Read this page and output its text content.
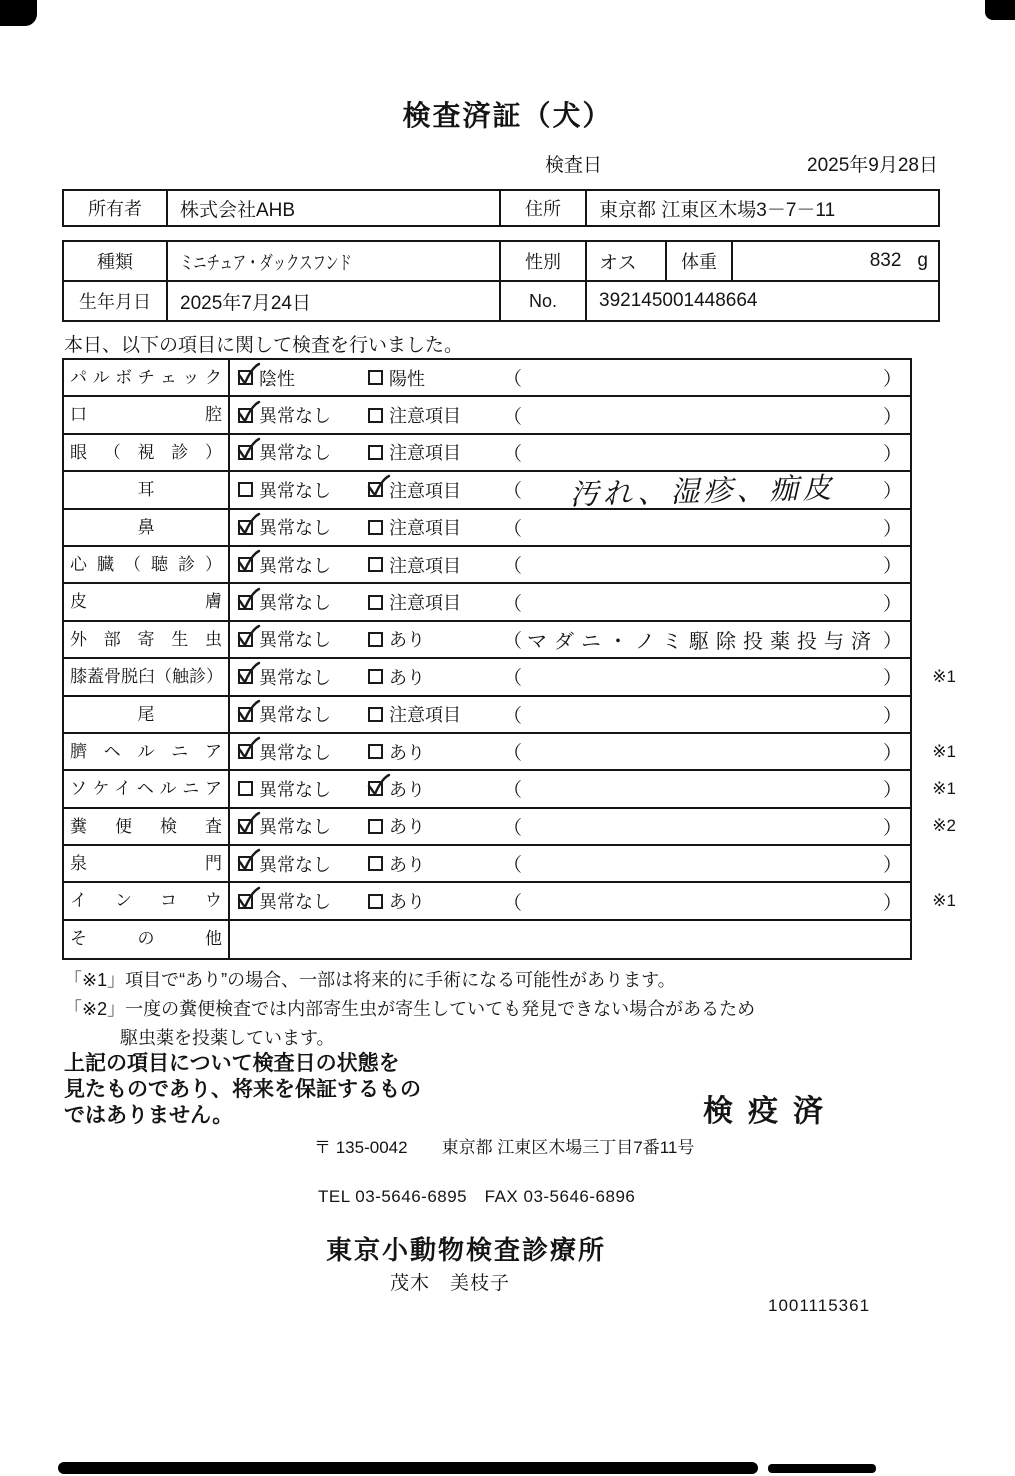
検査済証（犬）
検査日	2025年9月28日
所有者	株式会社AHB	住所	東京都 江東区木場3－7－11
種類	ミニチュア・ダックスフンド	性別	オス	体重	832 g
生年月日	2025年7月24日	No.	392145001448664
本日、以下の項目に関して検査を行いました。
パルボチェック 陰性	陽性	（	）
口腔 異常なし	注意項目 （	）
眼（視診） 異常なし	注意項目 （	）
耳	異常なし	注意項目 （	汚れ、湿疹、痂皮	）
鼻	異常なし	注意項目 （	）
心臓（聴診） 異常なし	注意項目 （	）
皮膚 異常なし	注意項目 （	）
外部寄生虫 異常なし	あり	（ マダニ・ノミ駆除投薬投与済 ）
膝蓋骨脱臼（触診） 異常なし	あり	（	） ※1
尾	異常なし	注意項目 （	）
臍ヘルニア 異常なし	あり	（	） ※1
ソケイヘルニア 異常なし	あり	（	） ※1
糞便検査 異常なし	あり	（	） ※2
泉門 異常なし	あり	（	）
インコウ 異常なし	あり	（	） ※1
その他
「※1」項目で“あり”の場合、一部は将来的に手術になる可能性があります。
「※2」一度の糞便検査では内部寄生虫が寄生していても発見できない場合があるため
駆虫薬を投薬しています。
上記の項目について検査日の状態を
見たものであり、将来を保証するもの
ではありません。	検疫済
〒 135-0042　　東京都 江東区木場三丁目7番11号
TEL 03-5646-6895　FAX 03-5646-6896
東京小動物検査診療所
茂木　美枝子
1001115361
